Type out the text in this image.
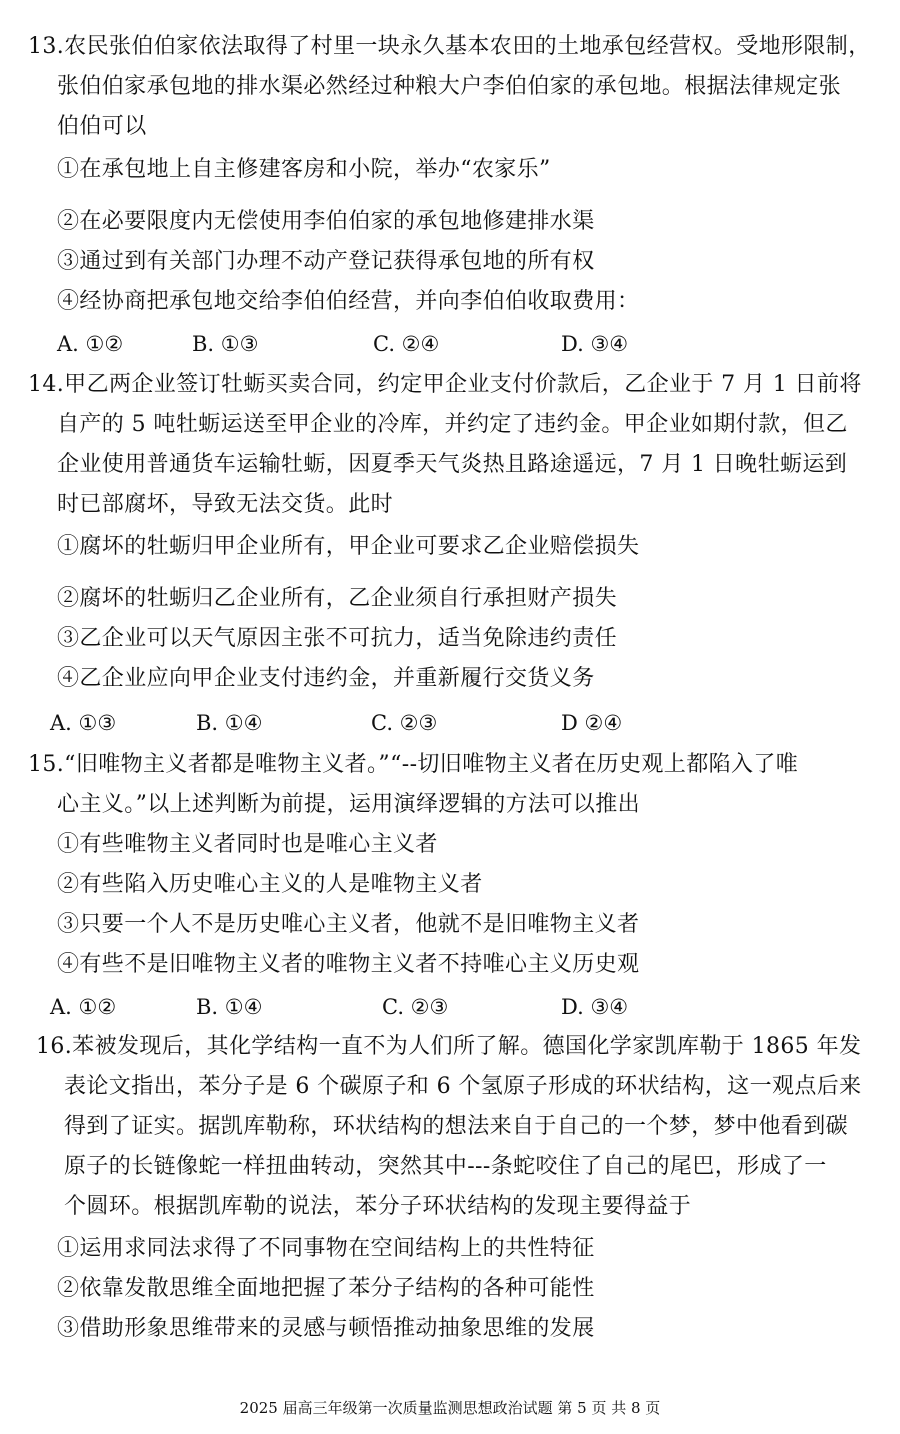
13.农民张伯伯家依法取得了村里一块永久基本农田的土地承包经营权。受地形限制，
张伯伯家承包地的排水渠必然经过种粮大户李伯伯家的承包地。根据法律规定张
伯伯可以
①在承包地上自主修建客房和小院，举办“农家乐”
②在必要限度内无偿使用李伯伯家的承包地修建排水渠
③通过到有关部门办理不动产登记获得承包地的所有权
④经协商把承包地交给李伯伯经营，并向李伯伯收取费用：
A. ①②	B. ①③	C. ②④	D. ③④
14.甲乙两企业签订牡蛎买卖合同，约定甲企业支付价款后，乙企业于 7 月 1 日前将
自产的 5 吨牡蛎运送至甲企业的冷库，并约定了违约金。甲企业如期付款，但乙
企业使用普通货车运输牡蛎，因夏季天气炎热且路途遥远，7 月 1 日晚牡蛎运到
时已部腐坏，导致无法交货。此时
①腐坏的牡蛎归甲企业所有，甲企业可要求乙企业赔偿损失
②腐坏的牡蛎归乙企业所有，乙企业须自行承担财产损失
③乙企业可以天气原因主张不可抗力，适当免除违约责任
④乙企业应向甲企业支付违约金，并重新履行交货义务
A. ①③	B. ①④	C. ②③	D ②④
15.“旧唯物主义者都是唯物主义者。”“--切旧唯物主义者在历史观上都陷入了唯
心主义。”以上述判断为前提，运用演绎逻辑的方法可以推出
①有些唯物主义者同时也是唯心主义者
②有些陷入历史唯心主义的人是唯物主义者
③只要一个人不是历史唯心主义者，他就不是旧唯物主义者
④有些不是旧唯物主义者的唯物主义者不持唯心主义历史观
A. ①②	B. ①④	C. ②③	D. ③④
16.苯被发现后，其化学结构一直不为人们所了解。德国化学家凯库勒于 1865 年发
表论文指出，苯分子是 6 个碳原子和 6 个氢原子形成的环状结构，这一观点后来
得到了证实。据凯库勒称，环状结构的想法来自于自己的一个梦，梦中他看到碳
原子的长链像蛇一样扭曲转动，突然其中---条蛇咬住了自己的尾巴，形成了一
个圆环。根据凯库勒的说法，苯分子环状结构的发现主要得益于
①运用求同法求得了不同事物在空间结构上的共性特征
②依靠发散思维全面地把握了苯分子结构的各种可能性
③借助形象思维带来的灵感与顿悟推动抽象思维的发展
2025 届高三年级第一次质量监测思想政治试题 第 5 页 共 8 页
